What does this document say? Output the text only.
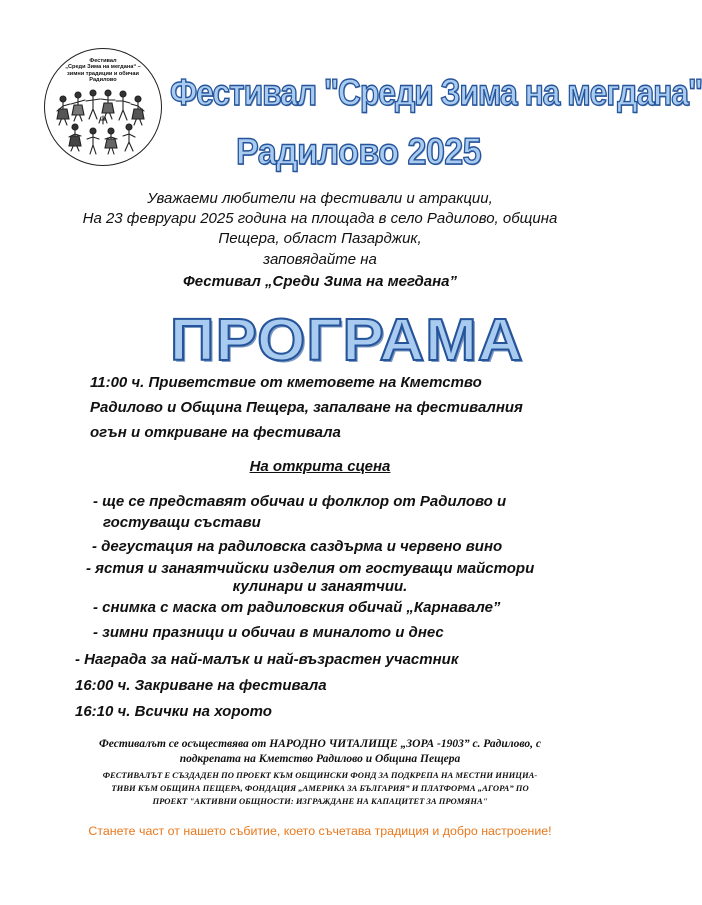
Фестивал
„Среди Зима на мегдана“ –
зимни традиции и обичаи
Радилово	Фестивал "Среди Зима на мегдана"
Радилово 2025
Уважаеми любители на фестивали и атракции,
На 23 февруари 2025 година на площада в село Радилово, община
Пещера, област Пазарджик,
заповядайте на
Фестивал „Среди Зима на мегдана”
ПРОГРАМА
11:00 ч. Приветствие от кметовете на Кметство
Радилово и Община Пещера, запалване на фестивалния
огън и откриване на фестивала
На открита сцена
- ще се представят обичаи и фолклор от Радилово и
гостуващи състави
- дегустация на радиловска саздърма и червено вино
- ястия и занаятчийски изделия от гостуващи майстори
кулинари и занаятчии.
- снимка с маска от радиловския обичай „Карнавале”
- зимни празници и обичаи в миналото и днес
- Награда за най-малък и най-възрастен участник
16:00 ч. Закриване на фестивала
16:10 ч. Всички на хорото
Фестивалът се осъществява от НАРОДНО ЧИТАЛИЩЕ „ЗОРА -1903” с. Радилово, с
подкрепата на Кметство Радилово и Община Пещера
ФЕСТИВАЛЪТ Е СЪЗДАДЕН ПО ПРОЕКТ КЪМ ОБЩИНСКИ ФОНД ЗА ПОДКРЕПА НА МЕСТНИ ИНИЦИА-
ТИВИ КЪМ ОБЩИНА ПЕЩЕРА, ФОНДАЦИЯ „АМЕРИКА ЗА БЪЛГАРИЯ” И ПЛАТФОРМА „АГОРА” ПО
ПРОЕКТ "АКТИВНИ ОБЩНОСТИ: ИЗГРАЖДАНЕ НА КАПАЦИТЕТ ЗА ПРОМЯНА"
Станете част от нашето събитие, което съчетава традиция и добро настроение!
